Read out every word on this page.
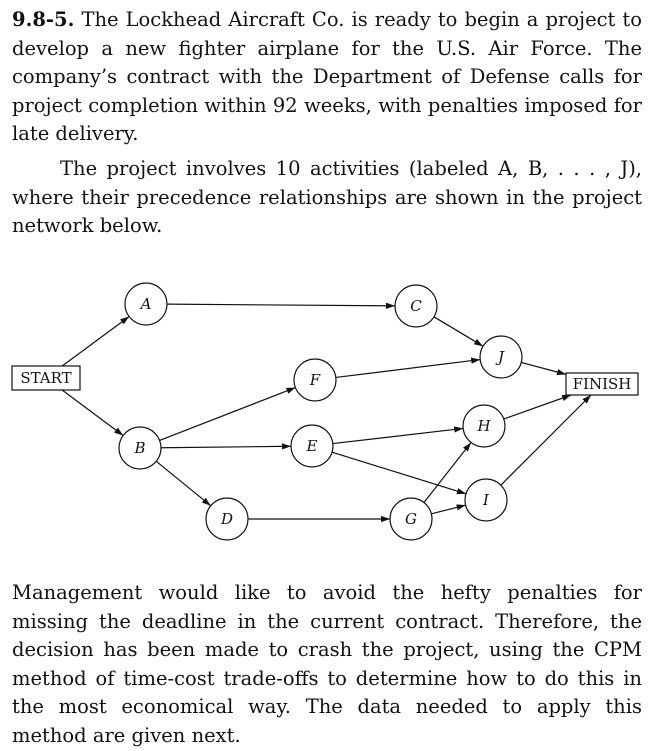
9.8-5. The Lockhead Aircraft Co. is ready to begin a project to develop a new fighter airplane for the U.S. Air Force. The company’s contract with the Department of Defense calls for project completion within 92 weeks, with penalties imposed for late delivery.

The project involves 10 activities (labeled A, B, . . . , J), where their precedence relationships are shown in the project network below.

START	FINISH
A
B
C
D
E
F
G
H
I
J

Management would like to avoid the hefty penalties for missing the deadline in the current contract. Therefore, the decision has been made to crash the project, using the CPM method of time-cost trade-offs to determine how to do this in the most economical way. The data needed to apply this method are given next.
